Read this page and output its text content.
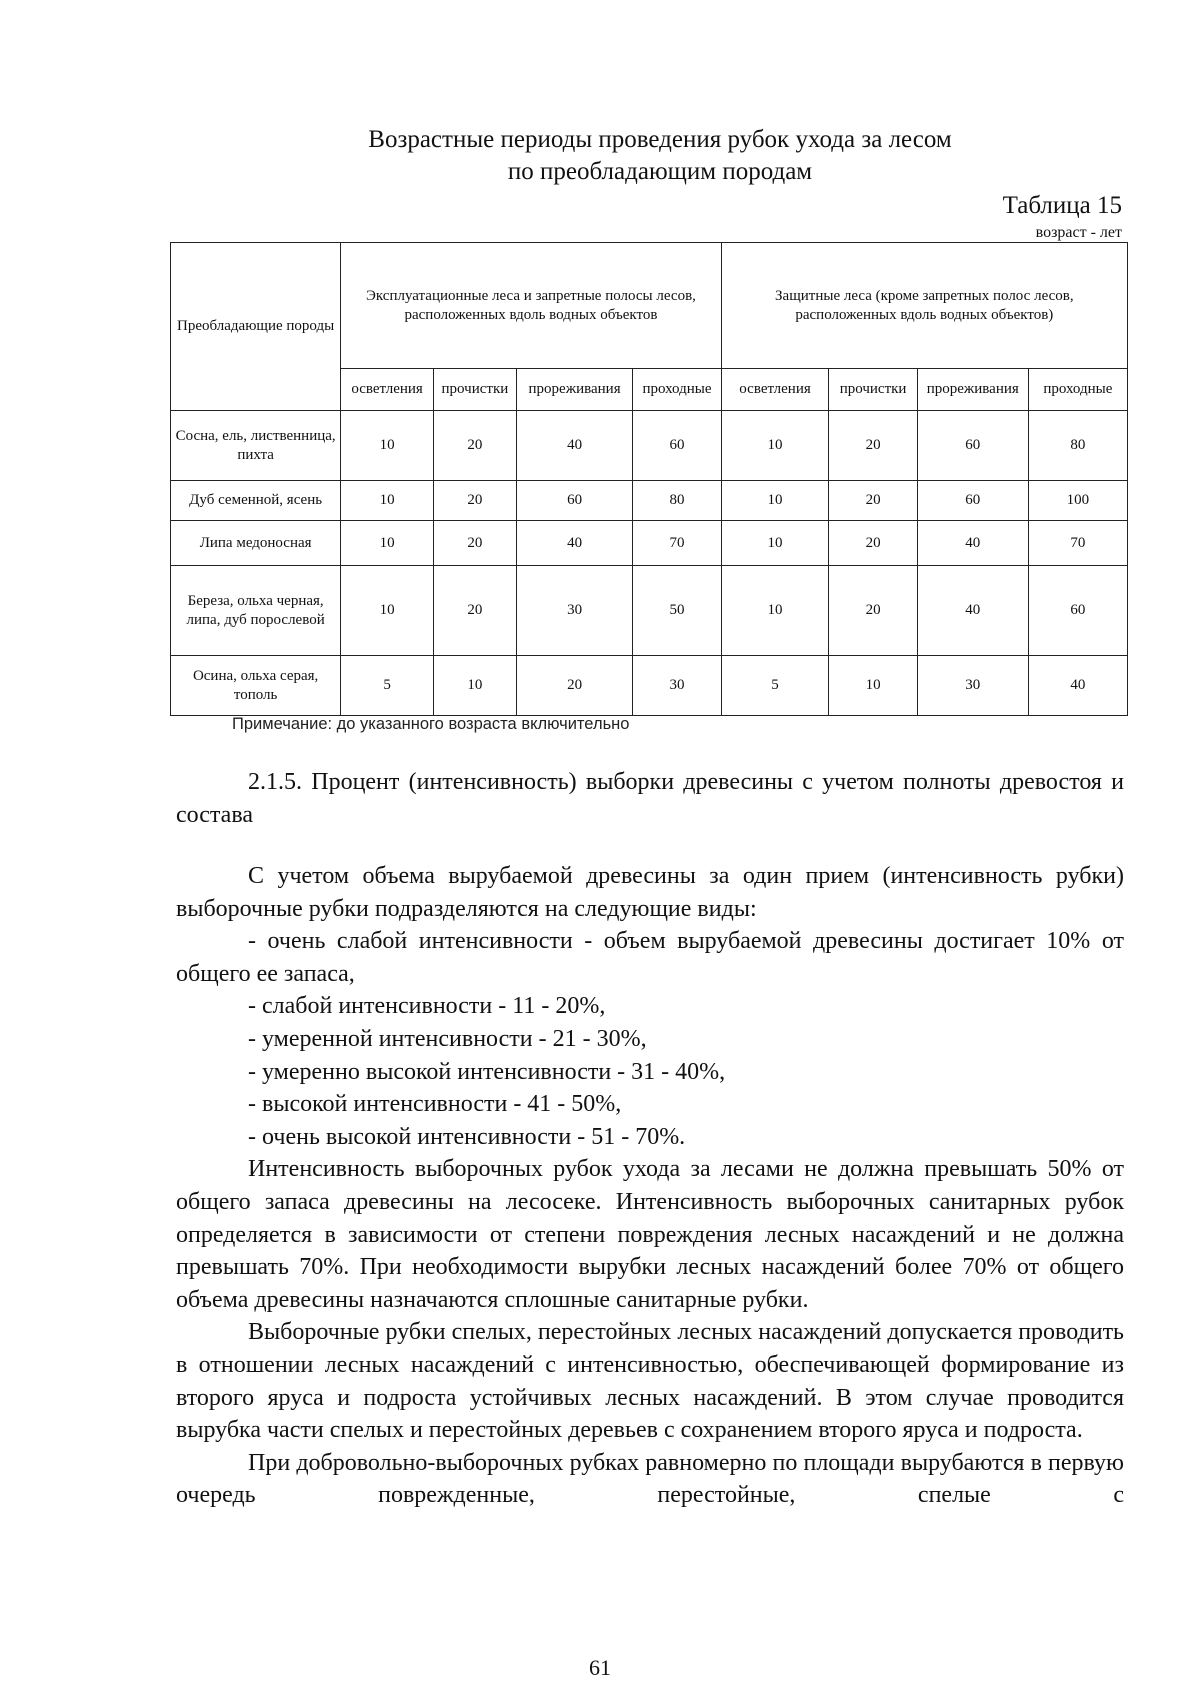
Возрастные периоды проведения рубок ухода за лесом
по преобладающим породам
Таблица 15
возраст - лет
Преобладающие породы	Эксплуатационные леса и запретные полосы лесов, расположенных вдоль водных объектов				Защитные леса (кроме запретных полос лесов, расположенных вдоль водных объектов)			
	осветления	прочистки	прореживания	проходные	осветления	прочистки	прореживания	проходные
Сосна, ель, лиственница, пихта	10	20	40	60	10	20	60	80
Дуб семенной, ясень	10	20	60	80	10	20	60	100
Липа медоносная	10	20	40	70	10	20	40	70
Береза, ольха черная, липа, дуб порослевой	10	20	30	50	10	20	40	60
Осина, ольха серая, тополь	5	10	20	30	5	10	30	40
Примечание: до указанного возраста включительно

2.1.5. Процент (интенсивность) выборки древесины с учетом полноты древостоя и состава

С учетом объема вырубаемой древесины за один прием (интенсивность рубки) выборочные рубки подразделяются на следующие виды:

- очень слабой интенсивности - объем вырубаемой древесины достигает 10% от общего ее запаса,

- слабой интенсивности - 11 - 20%,

- умеренной интенсивности - 21 - 30%,

- умеренно высокой интенсивности - 31 - 40%,

- высокой интенсивности - 41 - 50%,

- очень высокой интенсивности - 51 - 70%.

Интенсивность выборочных рубок ухода за лесами не должна превышать 50% от общего запаса древесины на лесосеке. Интенсивность выборочных санитарных рубок определяется в зависимости от степени повреждения лесных насаждений и не должна превышать 70%. При необходимости вырубки лесных насаждений более 70% от общего объема древесины назначаются сплошные санитарные рубки.

Выборочные рубки спелых, перестойных лесных насаждений допускается проводить в отношении лесных насаждений с интенсивностью, обеспечивающей формирование из второго яруса и подроста устойчивых лесных насаждений. В этом случае проводится вырубка части спелых и перестойных деревьев с сохранением второго яруса и подроста.

При добровольно-выборочных рубках равномерно по площади вырубаются в первую очередь поврежденные, перестойные, спелые с

61
